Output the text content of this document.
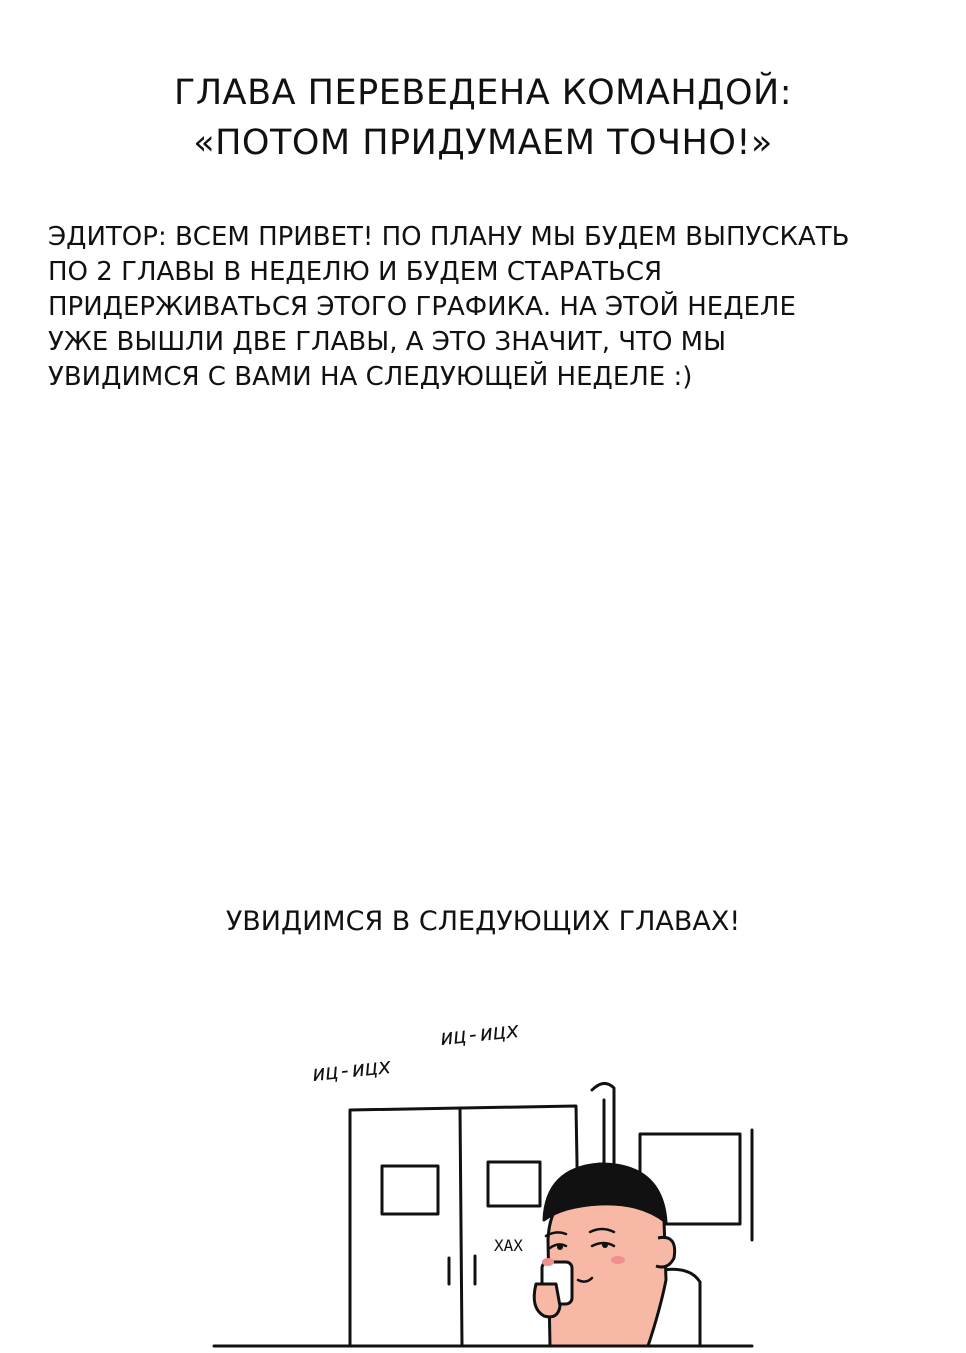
ГЛАВА ПЕРЕВЕДЕНА КОМАНДОЙ:
«ПОТОМ ПРИДУМАЕМ ТОЧНО!»
ЭДИТОР: ВСЕМ ПРИВЕТ! ПО ПЛАНУ МЫ БУДЕМ ВЫПУСКАТЬ
ПО 2 ГЛАВЫ В НЕДЕЛЮ И БУДЕМ СТАРАТЬСЯ
ПРИДЕРЖИВАТЬСЯ ЭТОГО ГРАФИКА. НА ЭТОЙ НЕДЕЛЕ
УЖЕ ВЫШЛИ ДВЕ ГЛАВЫ, А ЭТО ЗНАЧИТ, ЧТО МЫ
УВИДИМСЯ С ВАМИ НА СЛЕДУЮЩЕЙ НЕДЕЛЕ :)
УВИДИМСЯ В СЛЕДУЮЩИХ ГЛАВАХ!
иц-ицх
иц-ицх
ХАХ
